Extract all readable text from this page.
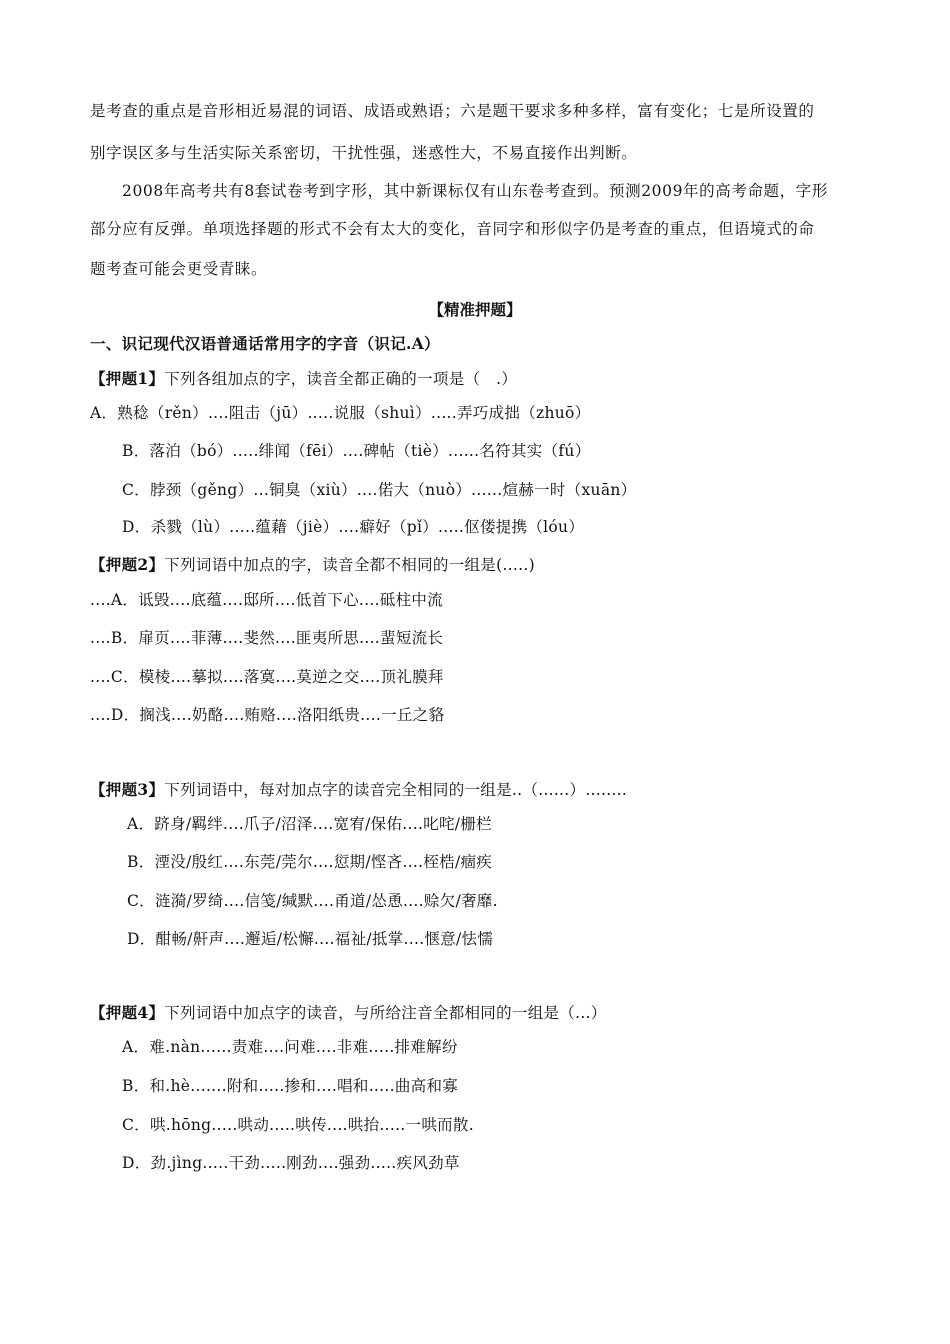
是考查的重点是音形相近易混的词语、成语或熟语；六是题干要求多种多样，富有变化；七是所设置的
别字误区多与生活实际关系密切，干扰性强，迷惑性大，不易直接作出判断。
2008年高考共有8套试卷考到字形，其中新课标仅有山东卷考查到。预测2009年的高考命题，字形
部分应有反弹。单项选择题的形式不会有太大的变化，音同字和形似字仍是考查的重点，但语境式的命
题考查可能会更受青睐。
【精准押题】
一、识记现代汉语普通话常用字的字音（识记.A）
【押题1】下列各组加点的字，读音全都正确的一项是（　.）
A．熟稔（rěn）....阻击（jū）.....说服（shuì）.....弄巧成拙（zhuō）
B．落泊（bó）.....绯闻（fēi）....碑帖（tiè）......名符其实（fú）
C．脖颈（gěng）...铜臭（xiù）....偌大（nuò）......煊赫一时（xuān）
D．杀戮（lù）.....蕴藉（jiè）....癖好（pǐ）.....伛偻提携（lóu）
【押题2】下列词语中加点的字，读音全都不相同的一组是(.....)
....A．诋毁....底蕴....邸所....低首下心....砥柱中流
....B．扉页....菲薄....斐然....匪夷所思....蜚短流长
....C．模棱....摹拟....落寞....莫逆之交....顶礼膜拜
....D．搁浅....奶酪....贿赂....洛阳纸贵....一丘之貉
【押题3】下列词语中，每对加点字的读音完全相同的一组是..（......）........
A．跻身/羁绊....爪子/沼泽....宽宥/保佑....叱咤/栅栏
B．湮没/殷红....东莞/莞尔....愆期/悭吝....桎梏/痼疾
C．涟漪/罗绮....信笺/缄默....甬道/怂恿....赊欠/奢靡.
D．酣畅/鼾声....邂逅/松懈....福祉/抵掌....惬意/怯懦
【押题4】下列词语中加点字的读音，与所给注音全都相同的一组是（...）
A．难.nàn......责难....问难....非难.....排难解纷
B．和.hè.......附和.....掺和....唱和.....曲高和寡
C．哄.hōng.....哄动.....哄传....哄抬.....一哄而散.
D．劲.jìng.....干劲.....刚劲....强劲.....疾风劲草
